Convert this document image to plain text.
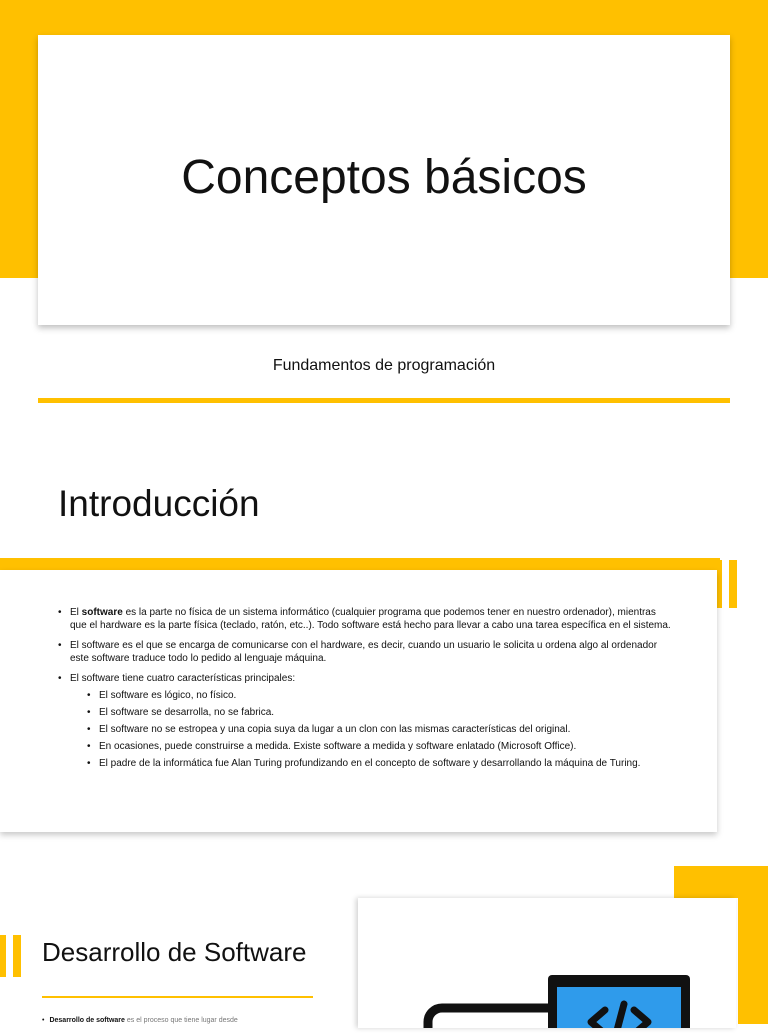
Conceptos básicos
Fundamentos de programación
Introducción
• El software es la parte no física de un sistema informático (cualquier programa que podemos tener en nuestro ordenador), mientras que el hardware es la parte física (teclado, ratón, etc..). Todo software está hecho para llevar a cabo una tarea específica en el sistema.
• El software es el que se encarga de comunicarse con el hardware, es decir, cuando un usuario le solicita u ordena algo al ordenador este software traduce todo lo pedido al lenguaje máquina.
• El software tiene cuatro características principales:
• El software es lógico, no físico.
• El software se desarrolla, no se fabrica.
• El software no se estropea y una copia suya da lugar a un clon con las mismas características del original.
• En ocasiones, puede construirse a medida. Existe software a medida y software enlatado (Microsoft Office).
• El padre de la informática fue Alan Turing profundizando en el concepto de software y desarrollando la máquina de Turing.
Desarrollo de Software
• Desarrollo de software es el proceso que tiene lugar desde
